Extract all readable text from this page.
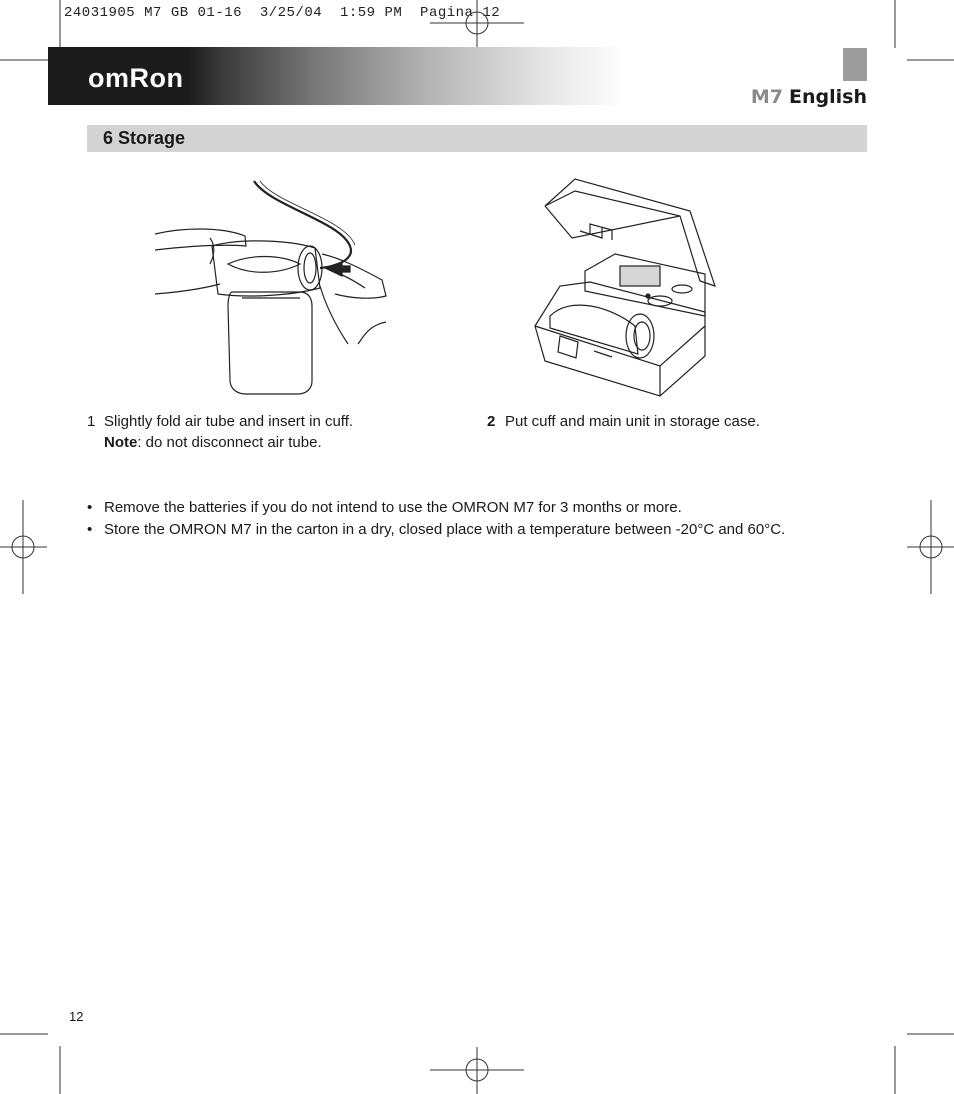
24031905 M7 GB 01-16  3/25/04  1:59 PM  Pagina 12
omRon
M7 English
6 Storage
1 Slightly fold air tube and insert in cuff.
Note: do not disconnect air tube.
2 Put cuff and main unit in storage case.
• Remove the batteries if you do not intend to use the OMRON M7 for 3 months or more.
• Store the OMRON M7 in the carton in a dry, closed place with a temperature between -20°C and 60°C.
12
